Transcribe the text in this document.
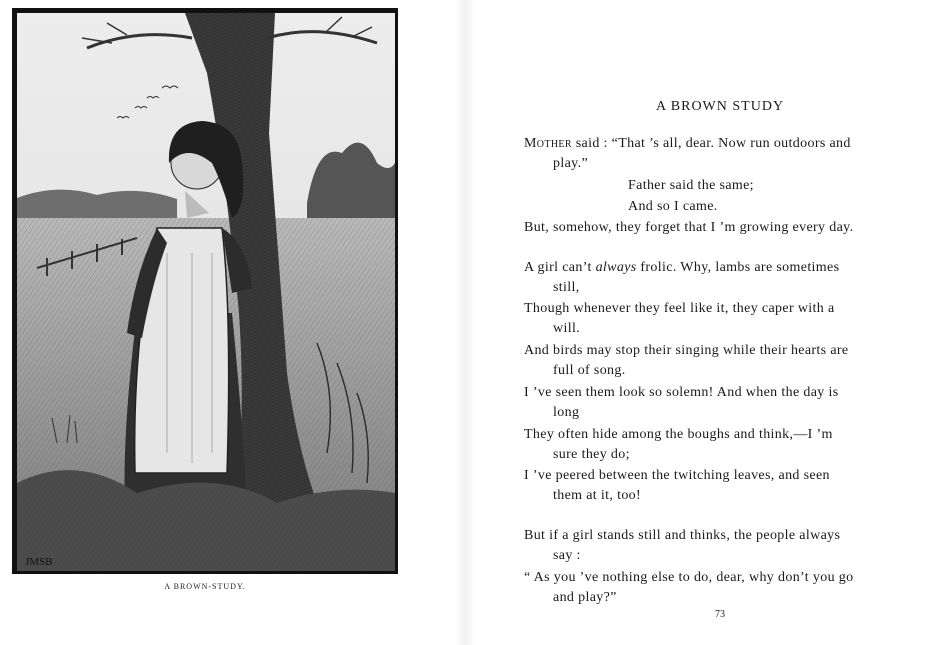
JMSB
A BROWN-STUDY.
A BROWN STUDY
Mother said : “That ’s all, dear. Now run outdoors and
play.”
Father said the same;
And so I came.
But, somehow, they forget that I ’m growing every day.
A girl can’t always frolic. Why, lambs are sometimes
still,
Though whenever they feel like it, they caper with a
will.
And birds may stop their singing while their hearts are
full of song.
I ’ve seen them look so solemn! And when the day is
long
They often hide among the boughs and think,—I ’m
sure they do;
I ’ve peered between the twitching leaves, and seen
them at it, too!
But if a girl stands still and thinks, the people always
say :
“ As you ’ve nothing else to do, dear, why don’t you go
and play?”
73
